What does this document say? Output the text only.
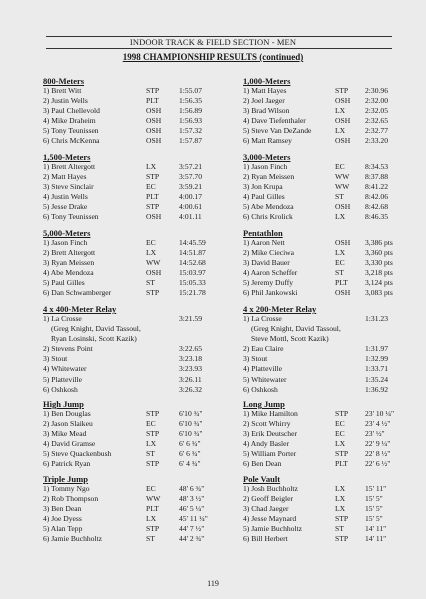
INDOOR TRACK & FIELD SECTION - MEN
1998 CHAMPIONSHIP RESULTS (continued)
800-Meters
1) Brett Witt	STP	1:55.07
2) Justin Wells	PLT	1:56.35
3) Paul Chellevold	OSH 1:56.89
4) Mike Draheim	OSH 1:56.93
5) Tony Teunissen	OSH 1:57.32
6) Chris McKenna	OSH 1:57.87
1,500-Meters
1) Brett Altergott	LX	3:57.21
2) Matt Hayes	STP	3:57.70
3) Steve Sinclair	EC	3:59.21
4) Justin Wells	PLT	4:00.17
5) Jesse Drake	STP	4:00.61
6) Tony Teunissen	OSH 4:01.11
5,000-Meters
1) Jason Finch	EC	14:45.59
2) Brett Altergott	LX	14:51.87
3) Ryan Meissen	WW 14:52.68
4) Abe Mendoza	OSH 15:03.97
5) Paul Gilles	ST	15:05.33
6) Dan Schwamberger	STP	15:21.78
4 x 400-Meter Relay
1) La Crosse	3:21.59
(Greg Knight, David Tassoul,
Ryan Losinski, Scott Kazik)
2) Stevens Point	3:22.65
3) Stout	3:23.18
4) Whitewater	3:23.93
5) Platteville	3:26.11
6) Oshkosh	3:26.32
High Jump
1) Ben Douglas	STP	6'10 ¾"
2) Jason Slaikeu	EC	6'10 ¾"
3) Mike Mead	STP	6'10 ¾"
4) David Gramse	LX	6' 6 ¾"
5) Steve Quackenbush	ST	6' 6 ¾"
6) Patrick Ryan	STP	6' 4 ¾"
Triple Jump
1) Tommy Ngo	EC	48' 6 ¾"
2) Rob Thompson	WW 48' 3 ½"
3) Ben Dean	PLT	46' 5 ¼"
4) Joe Dyess	LX	45' 11 ¼"
5) Alan Tepp	STP	44' 7 ½"
6) Jamie Buchholtz	ST	44' 2 ¾"
1,000-Meters
1) Matt Hayes	STP 2:30.96
2) Joel Jaeger	OSH 2:32.00
3) Brad Wilson	LX	2:32.05
4) Dave Tiefenthaler	OSH 2:32.65
5) Steve Van DeZande	LX	2:32.77
6) Matt Ramsey	OSH 2:33.20
3,000-Meters
1) Jason Finch	EC	8:34.53
2) Ryan Meissen	WW 8:37.88
3) Jon Krupa	WW 8:41.22
4) Paul Gilles	ST	8:42.06
5) Abe Mendoza	OSH 8:42.68
6) Chris Krolick	LX	8:46.35
Pentathlon
1) Aaron Nett	OSH 3,386 pts
2) Mike Cieciwa	LX	3,360 pts
3) David Bauer	EC	3,330 pts
4) Aaron Scheffer	ST	3,218 pts
5) Jeremy Duffy	PLT 3,124 pts
6) Phil Jankowski	OSH 3,083 pts
4 x 200-Meter Relay
1) La Crosse	1:31.23
(Greg Knight, David Tassoul,
Steve Mottl, Scott Kazik)
2) Eau Claire	1:31.97
3) Stout	1:32.99
4) Platteville	1:33.71
5) Whitewater	1:35.24
6) Oshkosh	1:36.92
Long Jump
1) Mike Hamilton	STP 23' 10 ¼"
2) Scott Whirry	EC	23' 4 ½"
3) Erik Deutscher	EC	23' ½"
4) Andy Basler	LX	22' 9 ¼"
5) William Porter	STP 22' 8 ½"
6) Ben Dean	PLT 22' 6 ½"
Pole Vault
1) Josh Buchholtz	LX	15' 11"
2) Geoff Beigler	LX	15' 5"
3) Chad Jaeger	LX	15' 5"
4) Jesse Maynard	STP 15' 5"
5) Jamie Buchholtz	ST	14' 11"
6) Bill Herbert	STP 14' 11"
119
